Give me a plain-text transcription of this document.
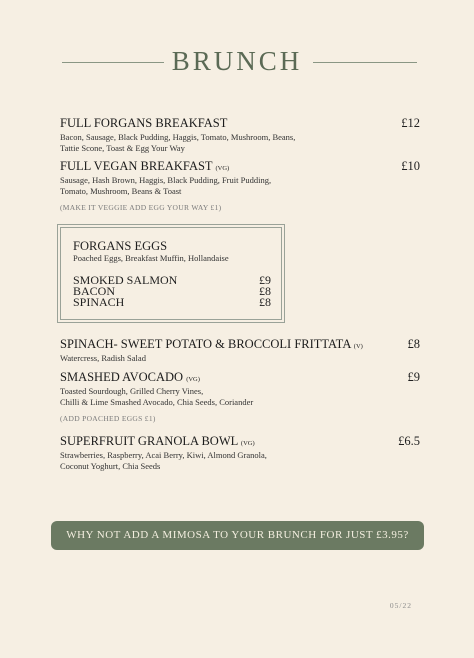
BRUNCH
FULL FORGANS BREAKFAST	£12
Bacon, Sausage, Black Pudding, Haggis, Tomato, Mushroom, Beans,
Tattie Scone, Toast & Egg Your Way
FULL VEGAN BREAKFAST (VG)	£10
Sausage, Hash Brown, Haggis, Black Pudding, Fruit Pudding,
Tomato, Mushroom, Beans & Toast
(MAKE IT VEGGIE ADD EGG YOUR WAY £1)
FORGANS EGGS
Poached Eggs, Breakfast Muffin, Hollandaise
SMOKED SALMON	£9
BACON	£8
SPINACH	£8
SPINACH- SWEET POTATO & BROCCOLI FRITTATA (V)	£8
Watercress, Radish Salad
SMASHED AVOCADO (VG)	£9
Toasted Sourdough, Grilled Cherry Vines,
Chilli & Lime Smashed Avocado, Chia Seeds, Coriander
(ADD POACHED EGGS £1)
SUPERFRUIT GRANOLA BOWL (VG)	£6.5
Strawberries, Raspberry, Acai Berry, Kiwi, Almond Granola,
Coconut Yoghurt, Chia Seeds
WHY NOT ADD A MIMOSA TO YOUR BRUNCH FOR JUST £3.95?
05/22
